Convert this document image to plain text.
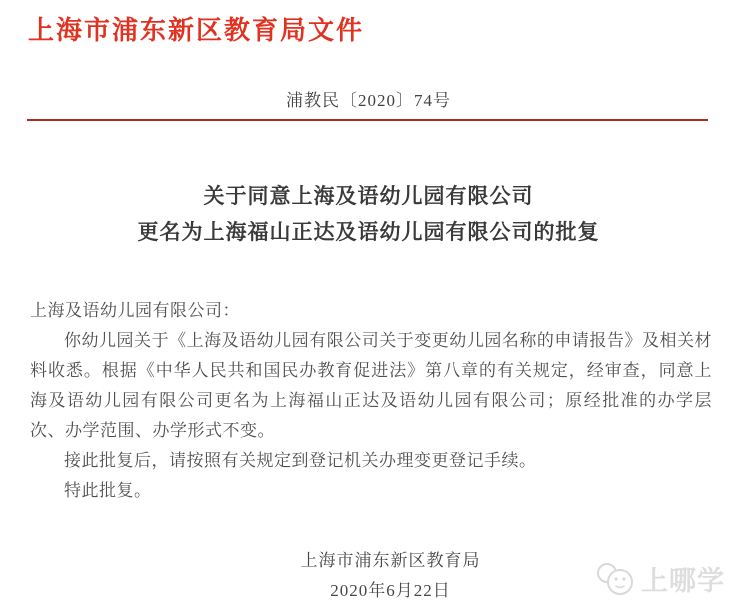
上海市浦东新区教育局文件
浦教民〔2020〕74号
关于同意上海及语幼儿园有限公司
更名为上海福山正达及语幼儿园有限公司的批复

上海及语幼儿园有限公司：

你幼儿园关于《上海及语幼儿园有限公司关于变更幼儿园名称的申请报告》及相关材料收悉。根据《中华人民共和国民办教育促进法》第八章的有关规定，经审查，同意上海及语幼儿园有限公司更名为上海福山正达及语幼儿园有限公司；原经批准的办学层次、办学范围、办学形式不变。

接此批复后，请按照有关规定到登记机关办理变更登记手续。

特此批复。

上海市浦东新区教育局
2020年6月22日	上哪学
